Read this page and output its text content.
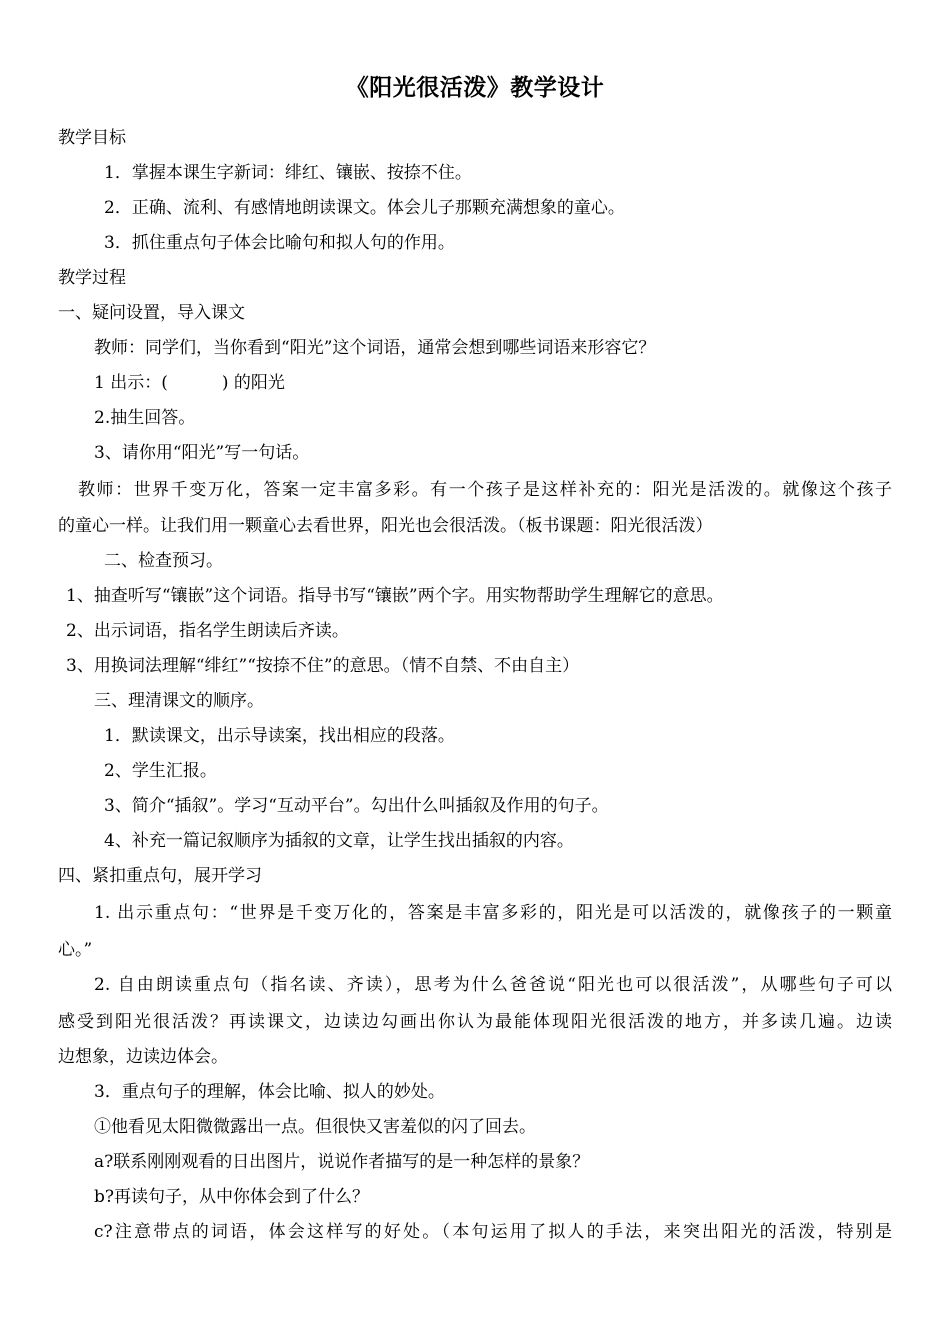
《阳光很活泼》教学设计
教学目标
1．掌握本课生字新词：绯红、镶嵌、按捺不住。
2．正确、流利、有感情地朗读课文。体会儿子那颗充满想象的童心。
3．抓住重点句子体会比喻句和拟人句的作用。
教学过程
一、疑问设置，导入课文
教师：同学们，当你看到“阳光”这个词语，通常会想到哪些词语来形容它？
1 出示：(          ) 的阳光
2.抽生回答。
3、请你用“阳光”写一句话。
教师：世界千变万化，答案一定丰富多彩。有一个孩子是这样补充的：阳光是活泼的。就像这个孩子
的童心一样。让我们用一颗童心去看世界，阳光也会很活泼。（板书课题：阳光很活泼）
二、检查预习。
1、抽查听写“镶嵌”这个词语。指导书写“镶嵌”两个字。用实物帮助学生理解它的意思。
2、出示词语，指名学生朗读后齐读。
3、用换词法理解“绯红”“按捺不住”的意思。（情不自禁、不由自主）
三、理清课文的顺序。
1．默读课文，出示导读案，找出相应的段落。
2、学生汇报。
3、简介“插叙”。学习“互动平台”。勾出什么叫插叙及作用的句子。
4、补充一篇记叙顺序为插叙的文章，让学生找出插叙的内容。
四、紧扣重点句，展开学习
1. 出示重点句：“世界是千变万化的，答案是丰富多彩的，阳光是可以活泼的，就像孩子的一颗童
心。”
2. 自由朗读重点句（指名读、齐读），思考为什么爸爸说“阳光也可以很活泼”，从哪些句子可以
感受到阳光很活泼？再读课文，边读边勾画出你认为最能体现阳光很活泼的地方，并多读几遍。边读
边想象，边读边体会。
3．重点句子的理解，体会比喻、拟人的妙处。
①他看见太阳微微露出一点。但很快又害羞似的闪了回去。
a?联系刚刚观看的日出图片，说说作者描写的是一种怎样的景象？
b?再读句子，从中你体会到了什么？
c?注意带点的词语，体会这样写的好处。（本句运用了拟人的手法，来突出阳光的活泼，特别是
